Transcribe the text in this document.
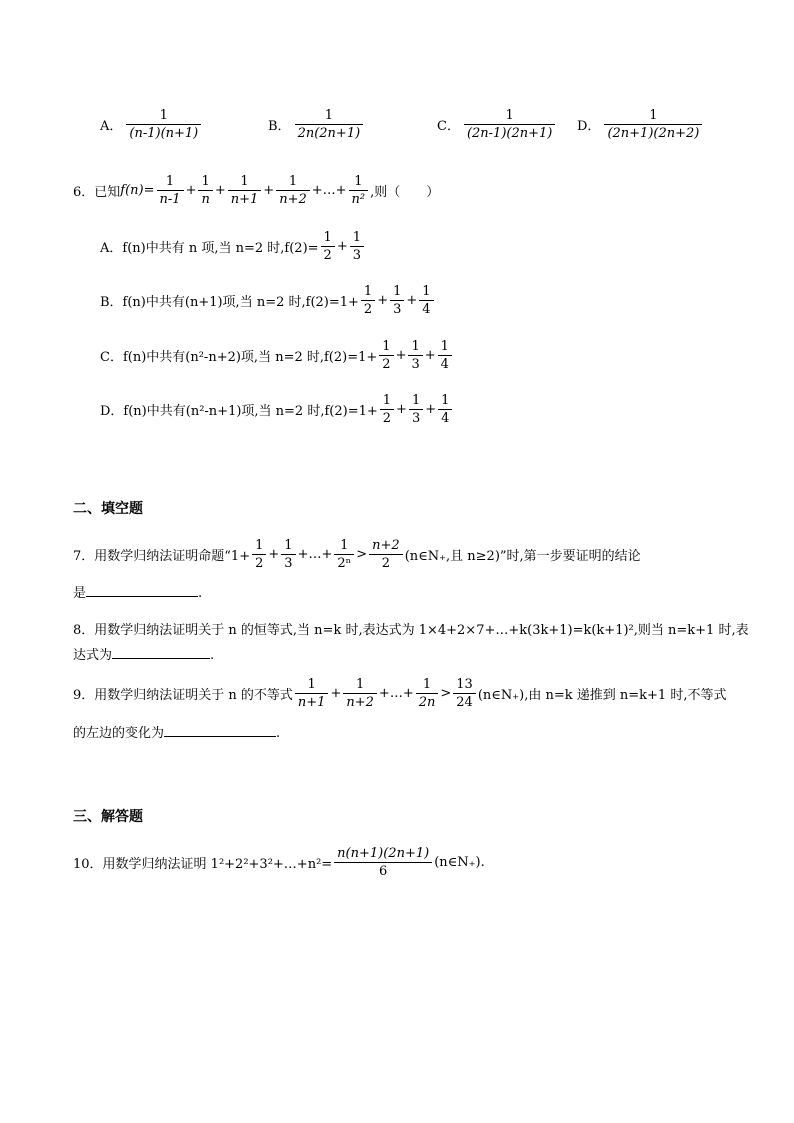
A． $\frac{1}{(n-1)(n+1)}$	B． $\frac{1}{2n(2n+1)}$	C． $\frac{1}{(2n-1)(2n+1)}$ D． $\frac{1}{(2n+1)(2n+2)}$
6．已知 $f(n)= \frac{1}{n-1} + \frac{1}{n} + \frac{1}{n+1} + \frac{1}{n+2}$ +…+ $\frac{1}{\text{n²}}$ ,则（　　）
A．f(n)中共有 n 项,当 n=2 时$,f(2)= \frac{1}{2} + \frac{1}{3}$
B．f(n)中共有(n+1)项,当 n=2 时$,f(2)=1+ \frac{1}{2} + \frac{1}{3} + \frac{1}{4}$
C．f(n)中共有(n²-n+2)项,当 n=2 时$,f(2)=1+ \frac{1}{2} + \frac{1}{3} + \frac{1}{4}$
D．f(n)中共有(n²-n+1)项,当 n=2 时$,f(2)=1+ \frac{1}{2} + \frac{1}{3} + \frac{1}{4}$
二、填空题
7．用数学归纳法证明命题“$1+ \frac{1}{2} + \frac{1}{3}$ +…+ $\frac{1}{\text{2ⁿ}} > \frac{n+2}{2}$ (n∈N₊,且 n≥2)”时,第一步要证明的结论
是	.
8．用数学归纳法证明关于 n 的恒等式,当 n=k 时,表达式为 1×4+2×7+…+k(3k+1)=k(k+1)²,则当 n=k+1 时,表
达式为	.
9．用数学归纳法证明关于 n 的不等式 $\frac{1}{n+1} + \frac{1}{n+2}$ +…+ $\frac{1}{2n} > \frac{13}{24}$ (n∈N₊),由 n=k 递推到 n=k+1 时,不等式
的左边的变化为	.
三、解答题
10．用数学归纳法证明 1²+2²+3²+…+n²= $\frac{n(n+1)(2n+1)}{6}$ (n∈N₊).
